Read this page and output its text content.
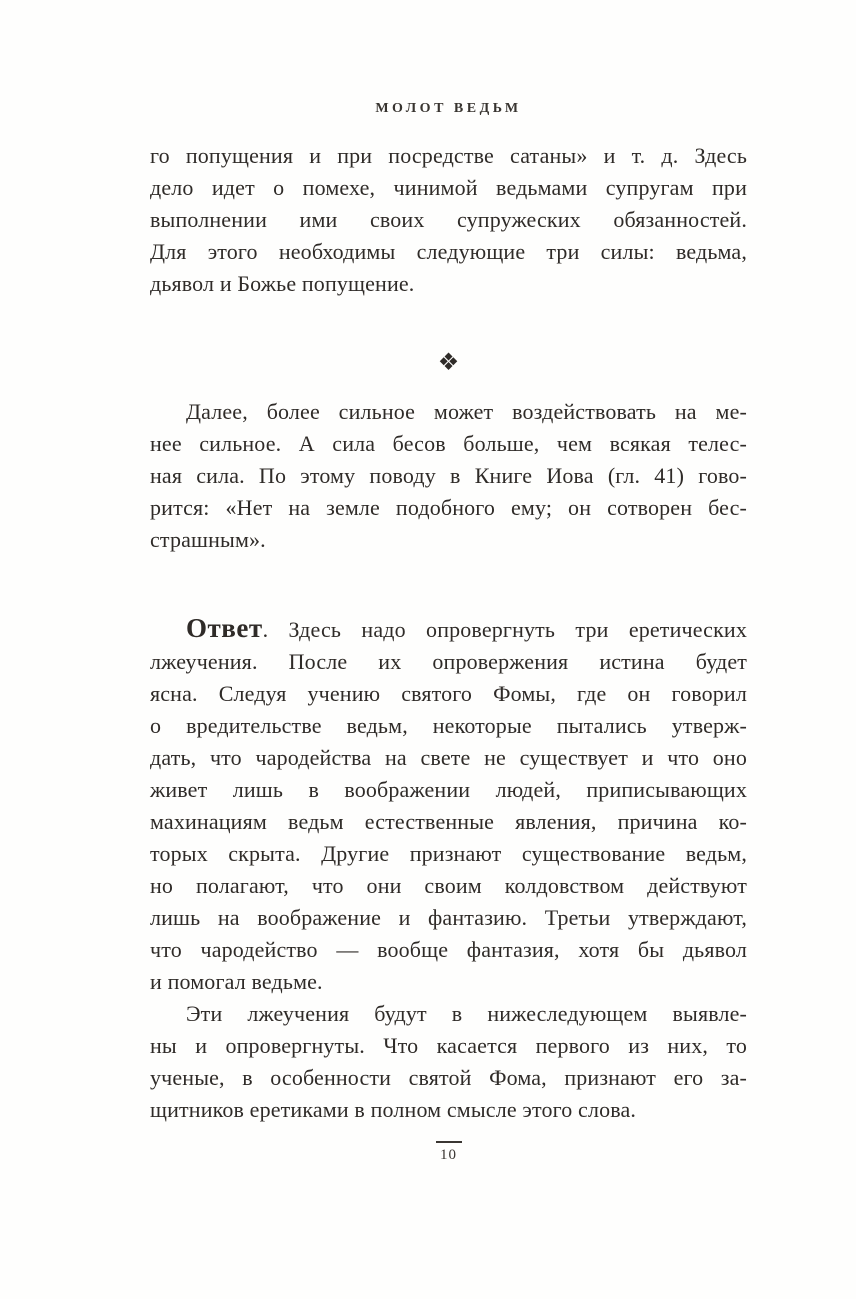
МОЛОТ ВЕДЬМ
го попущения и при посредстве сатаны» и т. д. Здесь
дело идет о помехе, чинимой ведьмами супругам при
выполнении ими своих супружеских обязанностей.
Для этого необходимы следующие три силы: ведьма,
дьявол и Божье попущение.
❖
Далее, более сильное может воздействовать на ме-
нее сильное. А сила бесов больше, чем всякая телес-
ная сила. По этому поводу в Книге Иова (гл. 41) гово-
рится: «Нет на земле подобного ему; он сотворен бес-
страшным».
Ответ. Здесь надо опровергнуть три еретических
лжеучения. После их опровержения истина будет
ясна. Следуя учению святого Фомы, где он говорил
о вредительстве ведьм, некоторые пытались утверж-
дать, что чародейства на свете не существует и что оно
живет лишь в воображении людей, приписывающих
махинациям ведьм естественные явления, причина ко-
торых скрыта. Другие признают существование ведьм,
но полагают, что они своим колдовством действуют
лишь на воображение и фантазию. Третьи утверждают,
что чародейство — вообще фантазия, хотя бы дьявол
и помогал ведьме.
Эти лжеучения будут в нижеследующем выявле-
ны и опровергнуты. Что касается первого из них, то
ученые, в особенности святой Фома, признают его за-
щитников еретиками в полном смысле этого слова.
10
